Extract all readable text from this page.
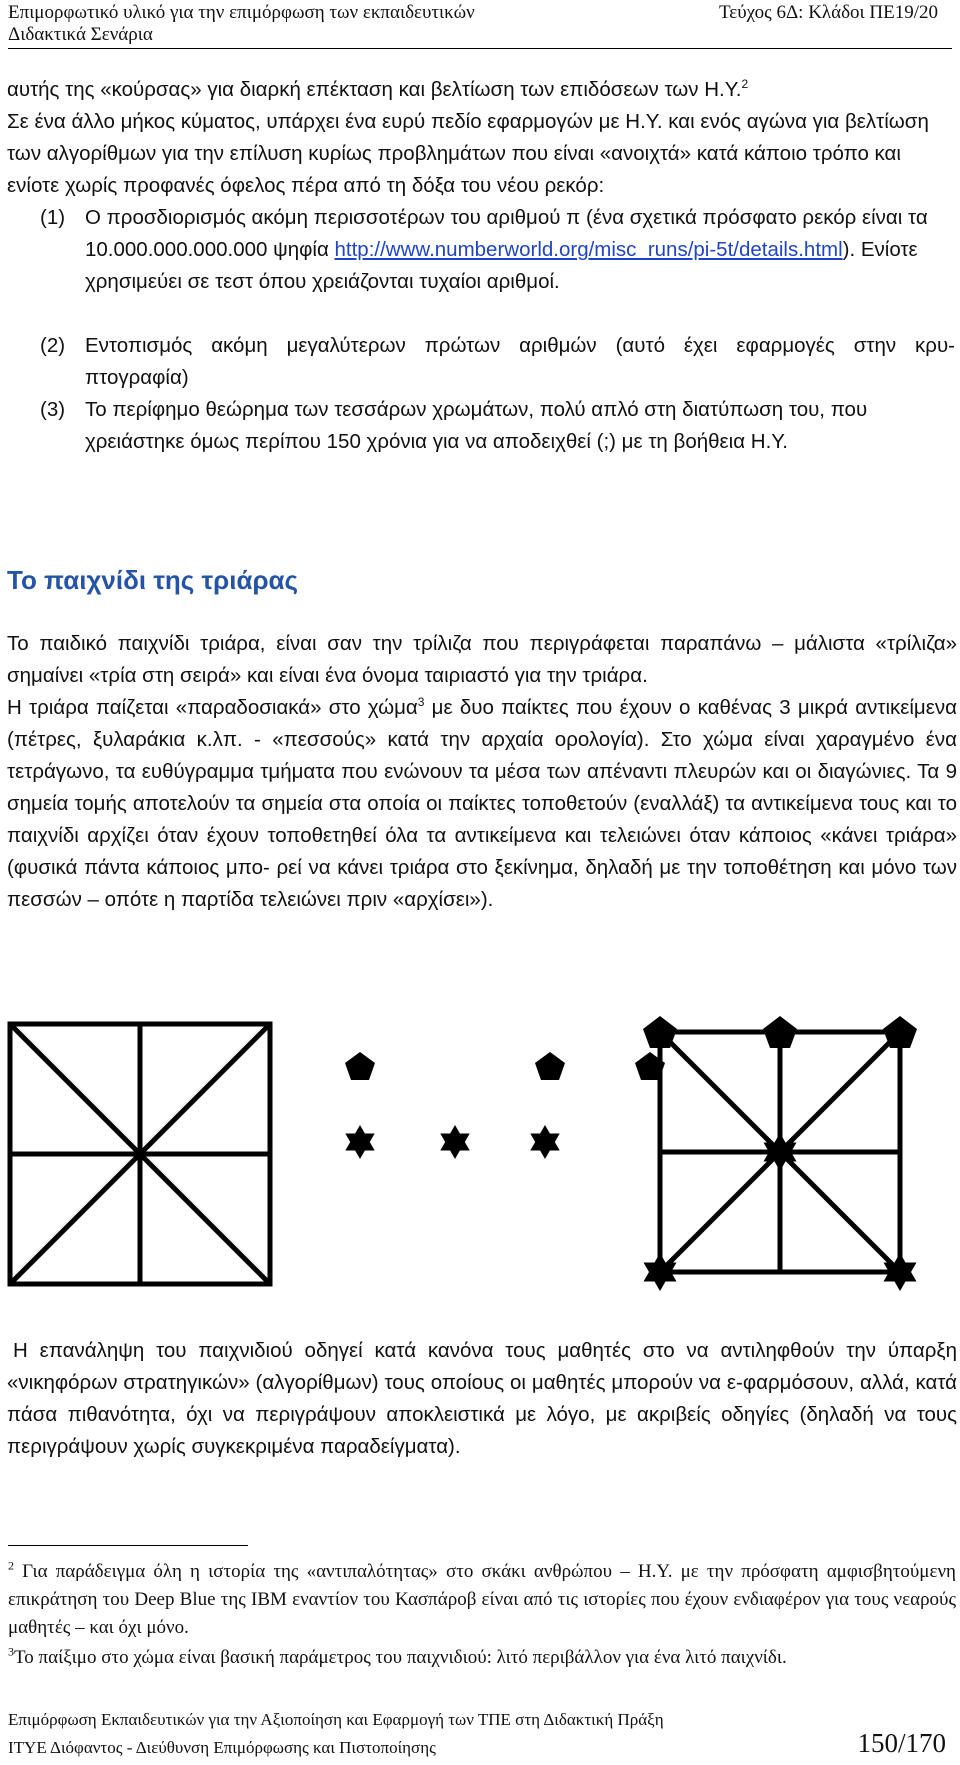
Επιμορφωτικό υλικό για την επιμόρφωση των εκπαιδευτικών
Διδακτικά Σενάρια
Τεύχος 6Δ: Κλάδοι ΠΕ19/20
αυτής της «κούρσας» για διαρκή επέκταση και βελτίωση των επιδόσεων των Η.Υ.$^2$
Σε ένα άλλο μήκος κύματος, υπάρχει ένα ευρύ πεδίο εφαρμογών με Η.Υ. και ενός αγώνα για βελτίωση των αλγορίθμων για την επίλυση κυρίως προβλημάτων που είναι «ανοιχτά» κατά κάποιο τρόπο και ενίοτε χωρίς προφανές όφελος πέρα από τη δόξα του νέου ρεκόρ:
(1) Ο προσδιορισμός ακόμη περισσοτέρων του αριθμού π (ένα σχετικά πρόσφατο ρεκόρ είναι τα 10.000.000.000.000 ψηφία http://www.numberworld.org/misc_runs/pi-5t/details.html). Ενίοτε χρησιμεύει σε τεστ όπου χρειάζονται τυχαίοι αριθμοί.
(2) Εντοπισμός ακόμη μεγαλύτερων πρώτων αριθμών (αυτό έχει εφαρμογές στην κρυ-
πτογραφία)
(3) Το περίφημο θεώρημα των τεσσάρων χρωμάτων, πολύ απλό στη διατύπωση του, που χρειάστηκε όμως περίπου 150 χρόνια για να αποδειχθεί (;) με τη βοήθεια Η.Υ.
Το παιχνίδι της τριάρας
Το παιδικό παιχνίδι τριάρα, είναι σαν την τρίλιζα που περιγράφεται παραπάνω – μάλιστα «τρίλιζα» σημαίνει «τρία στη σειρά» και είναι ένα όνομα ταιριαστό για την τριάρα.
Η τριάρα παίζεται «παραδοσιακά» στο χώμα$^3$ με δυο παίκτες που έχουν ο καθένας 3 μικρά αντικείμενα (πέτρες, ξυλαράκια κ.λπ. - «πεσσούς» κατά την αρχαία ορολογία). Στο χώμα είναι χαραγμένο ένα τετράγωνο, τα ευθύγραμμα τμήματα που ενώνουν τα μέσα των απέναντι πλευρών και οι διαγώνιες. Τα 9 σημεία τομής αποτελούν τα σημεία στα οποία οι παίκτες τοποθετούν (εναλλάξ) τα αντικείμενα τους και το παιχνίδι αρχίζει όταν έχουν τοποθετηθεί όλα τα αντικείμενα και τελειώνει όταν κάποιος «κάνει τριάρα» (φυσικά πάντα κάποιος μπο- ρεί να κάνει τριάρα στο ξεκίνημα, δηλαδή με την τοποθέτηση και μόνο των πεσσών – οπότε η παρτίδα τελειώνει πριν «αρχίσει»).
Η επανάληψη του παιχνιδιού οδηγεί κατά κανόνα τους μαθητές στο να αντιληφθούν την ύπαρξη «νικηφόρων στρατηγικών» (αλγορίθμων) τους οποίους οι μαθητές μπορούν να ε-φαρμόσουν, αλλά, κατά πάσα πιθανότητα, όχι να περιγράψουν αποκλειστικά με λόγο, με ακριβείς οδηγίες (δηλαδή να τους περιγράψουν χωρίς συγκεκριμένα παραδείγματα).
$^2$ Για παράδειγμα όλη η ιστορία της «αντιπαλότητας» στο σκάκι ανθρώπου – Η.Υ. με την πρόσφατη αμφισβητούμενη επικράτηση του Deep Blue της IBM εναντίον του Κασπάροβ είναι από τις ιστορίες που έχουν ενδιαφέρον για τους νεαρούς μαθητές – και όχι μόνο.
$^3$Το παίξιμο στο χώμα είναι βασική παράμετρος του παιχνιδιού: λιτό περιβάλλον για ένα λιτό παιχνίδι.
Επιμόρφωση Εκπαιδευτικών για την Αξιοποίηση και Εφαρμογή των ΤΠΕ στη Διδακτική Πράξη
ΙΤΥΕ Διόφαντος - Διεύθυνση Επιμόρφωσης και Πιστοποίησης	150/170
